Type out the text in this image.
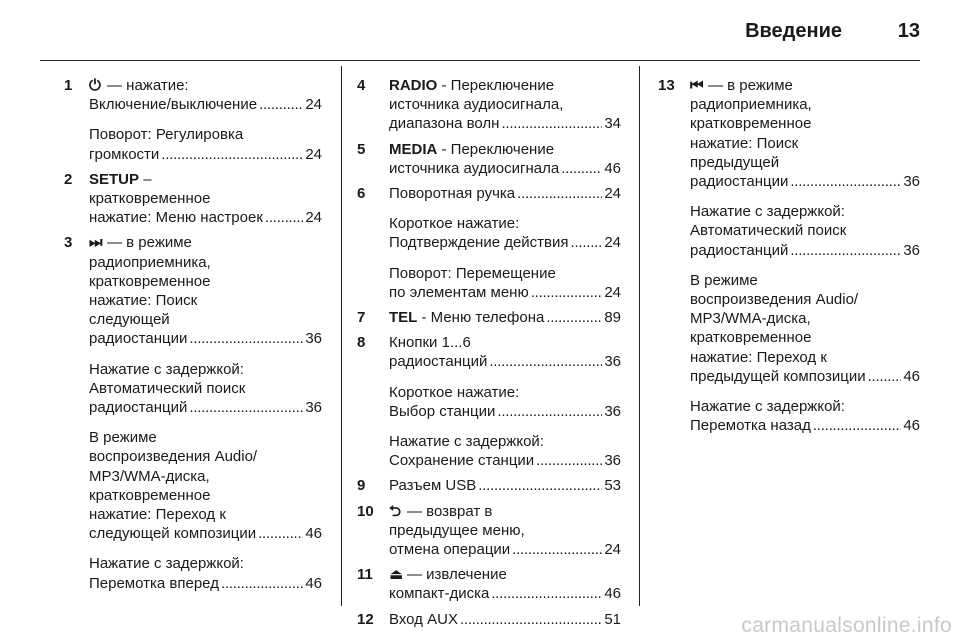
Введение	13
1 ⏻ — нажатие:
Включение/выключение . . .	24
Поворот: Регулировка
громкости . . .	24
2 SETUP –
кратковременное
нажатие: Меню настроек . . .	24
3 ⏭ — в режиме
радиоприемника,
кратковременное
нажатие: Поиск
следующей
радиостанции . . .	36
Нажатие с задержкой:
Автоматический поиск
радиостанций . . .	36
В режиме
воспроизведения Audio/
MP3/WMA-диска,
кратковременное
нажатие: Переход к
следующей композиции . . .	46
Нажатие с задержкой:
Перемотка вперед . . .	46
4 RADIO - Переключение
источника аудиосигнала,
диапазона волн . . .	34
5 MEDIA - Переключение
источника аудиосигнала . . .	46
6 Поворотная ручка . . .	24
Короткое нажатие:
Подтверждение действия . . . 24
Поворот: Перемещение
по элементам меню . . .	24
7 TEL - Меню телефона . . .	89
8 Кнопки 1...6
радиостанций . . .	36
Короткое нажатие:
Выбор станции . . .	36
Нажатие с задержкой:
Сохранение станции . . .	36
9 Разъем USB . . .	53
10 ⮌ — возврат в
предыдущее меню,
отмена операции . . .	24
11 ⏏ — извлечение
компакт-диска . . .	46
12 Вход AUX . . .	51
13 ⏮ — в режиме
радиоприемника,
кратковременное
нажатие: Поиск
предыдущей
радиостанции . . .	36
Нажатие с задержкой:
Автоматический поиск
радиостанций . . .	36
В режиме
воспроизведения Audio/
MP3/WMA-диска,
кратковременное
нажатие: Переход к
предыдущей композиции . . .	46
Нажатие с задержкой:
Перемотка назад . . .	46
carmanualsonline.info
